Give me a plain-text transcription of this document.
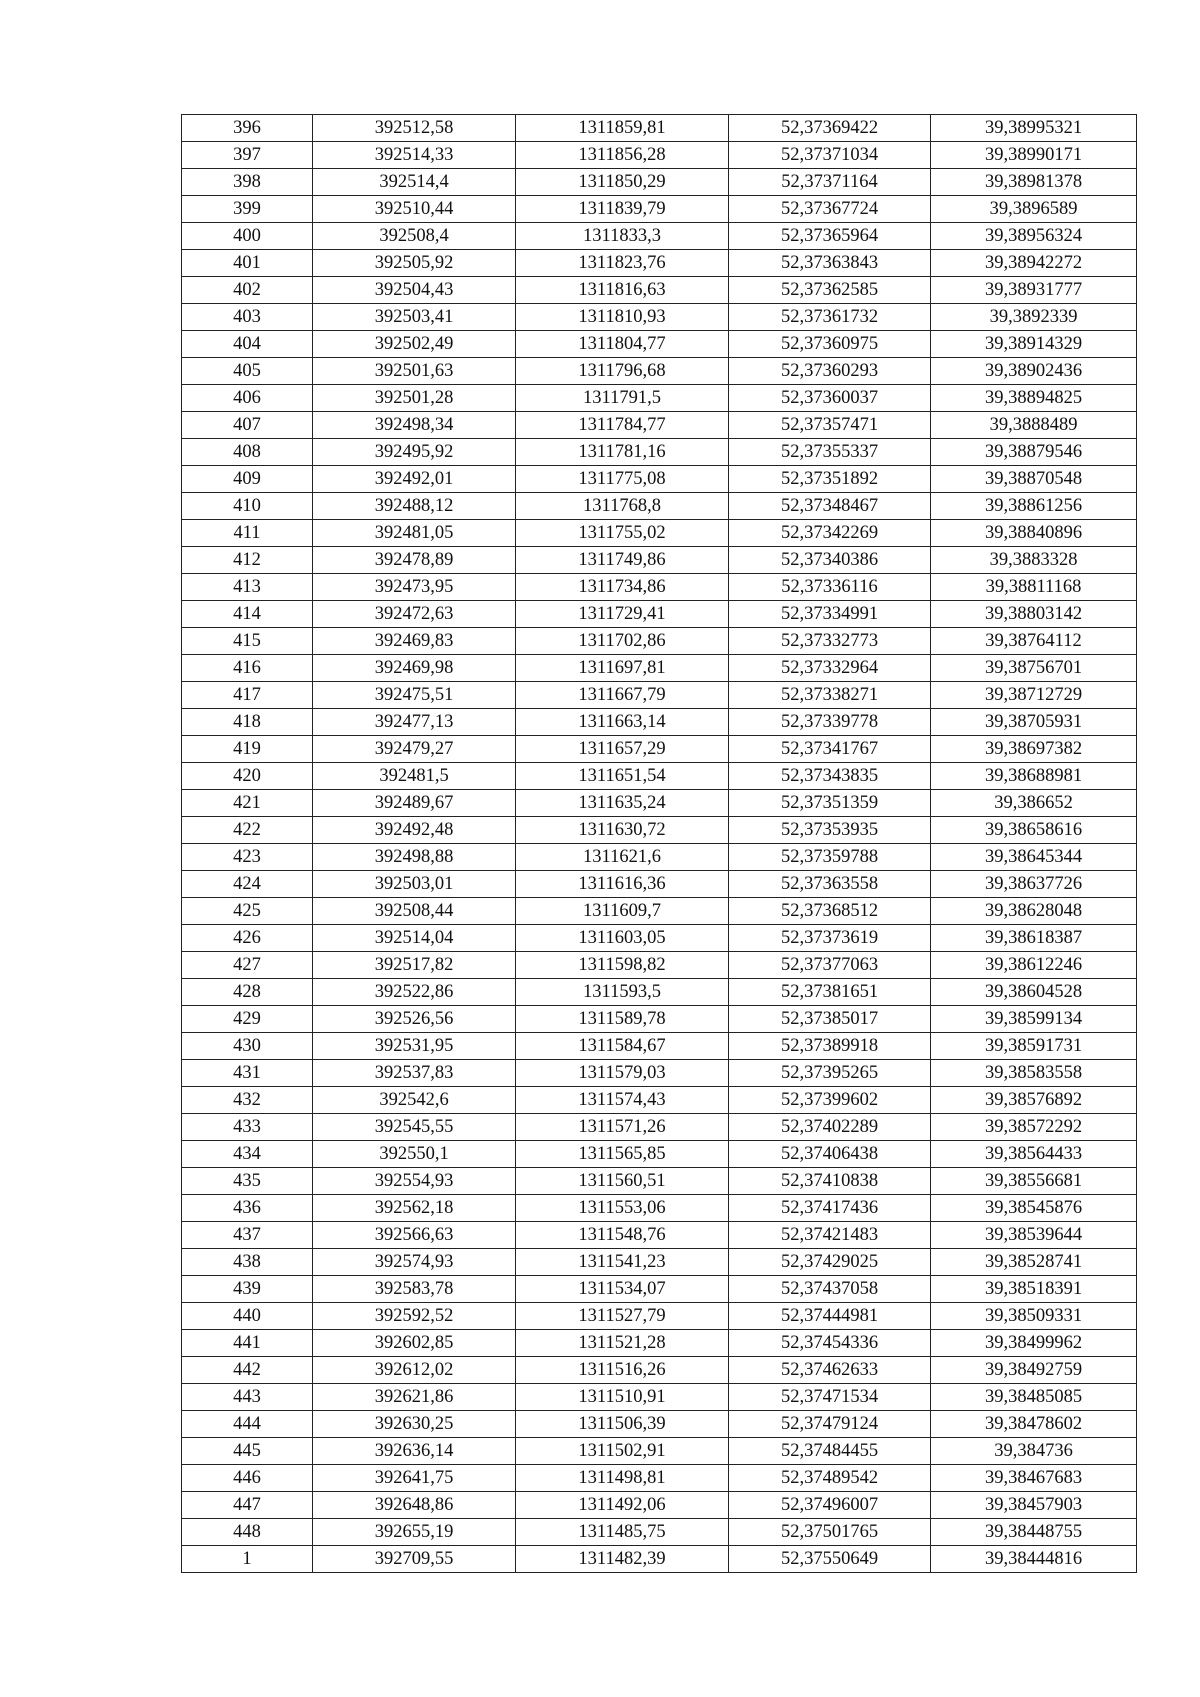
396	392512,58	1311859,81	52,37369422	39,38995321
397	392514,33	1311856,28	52,37371034	39,38990171
398	392514,4	1311850,29	52,37371164	39,38981378
399	392510,44	1311839,79	52,37367724	39,3896589
400	392508,4	1311833,3	52,37365964	39,38956324
401	392505,92	1311823,76	52,37363843	39,38942272
402	392504,43	1311816,63	52,37362585	39,38931777
403	392503,41	1311810,93	52,37361732	39,3892339
404	392502,49	1311804,77	52,37360975	39,38914329
405	392501,63	1311796,68	52,37360293	39,38902436
406	392501,28	1311791,5	52,37360037	39,38894825
407	392498,34	1311784,77	52,37357471	39,3888489
408	392495,92	1311781,16	52,37355337	39,38879546
409	392492,01	1311775,08	52,37351892	39,38870548
410	392488,12	1311768,8	52,37348467	39,38861256
411	392481,05	1311755,02	52,37342269	39,38840896
412	392478,89	1311749,86	52,37340386	39,3883328
413	392473,95	1311734,86	52,37336116	39,38811168
414	392472,63	1311729,41	52,37334991	39,38803142
415	392469,83	1311702,86	52,37332773	39,38764112
416	392469,98	1311697,81	52,37332964	39,38756701
417	392475,51	1311667,79	52,37338271	39,38712729
418	392477,13	1311663,14	52,37339778	39,38705931
419	392479,27	1311657,29	52,37341767	39,38697382
420	392481,5	1311651,54	52,37343835	39,38688981
421	392489,67	1311635,24	52,37351359	39,386652
422	392492,48	1311630,72	52,37353935	39,38658616
423	392498,88	1311621,6	52,37359788	39,38645344
424	392503,01	1311616,36	52,37363558	39,38637726
425	392508,44	1311609,7	52,37368512	39,38628048
426	392514,04	1311603,05	52,37373619	39,38618387
427	392517,82	1311598,82	52,37377063	39,38612246
428	392522,86	1311593,5	52,37381651	39,38604528
429	392526,56	1311589,78	52,37385017	39,38599134
430	392531,95	1311584,67	52,37389918	39,38591731
431	392537,83	1311579,03	52,37395265	39,38583558
432	392542,6	1311574,43	52,37399602	39,38576892
433	392545,55	1311571,26	52,37402289	39,38572292
434	392550,1	1311565,85	52,37406438	39,38564433
435	392554,93	1311560,51	52,37410838	39,38556681
436	392562,18	1311553,06	52,37417436	39,38545876
437	392566,63	1311548,76	52,37421483	39,38539644
438	392574,93	1311541,23	52,37429025	39,38528741
439	392583,78	1311534,07	52,37437058	39,38518391
440	392592,52	1311527,79	52,37444981	39,38509331
441	392602,85	1311521,28	52,37454336	39,38499962
442	392612,02	1311516,26	52,37462633	39,38492759
443	392621,86	1311510,91	52,37471534	39,38485085
444	392630,25	1311506,39	52,37479124	39,38478602
445	392636,14	1311502,91	52,37484455	39,384736
446	392641,75	1311498,81	52,37489542	39,38467683
447	392648,86	1311492,06	52,37496007	39,38457903
448	392655,19	1311485,75	52,37501765	39,38448755
1	392709,55	1311482,39	52,37550649	39,38444816
